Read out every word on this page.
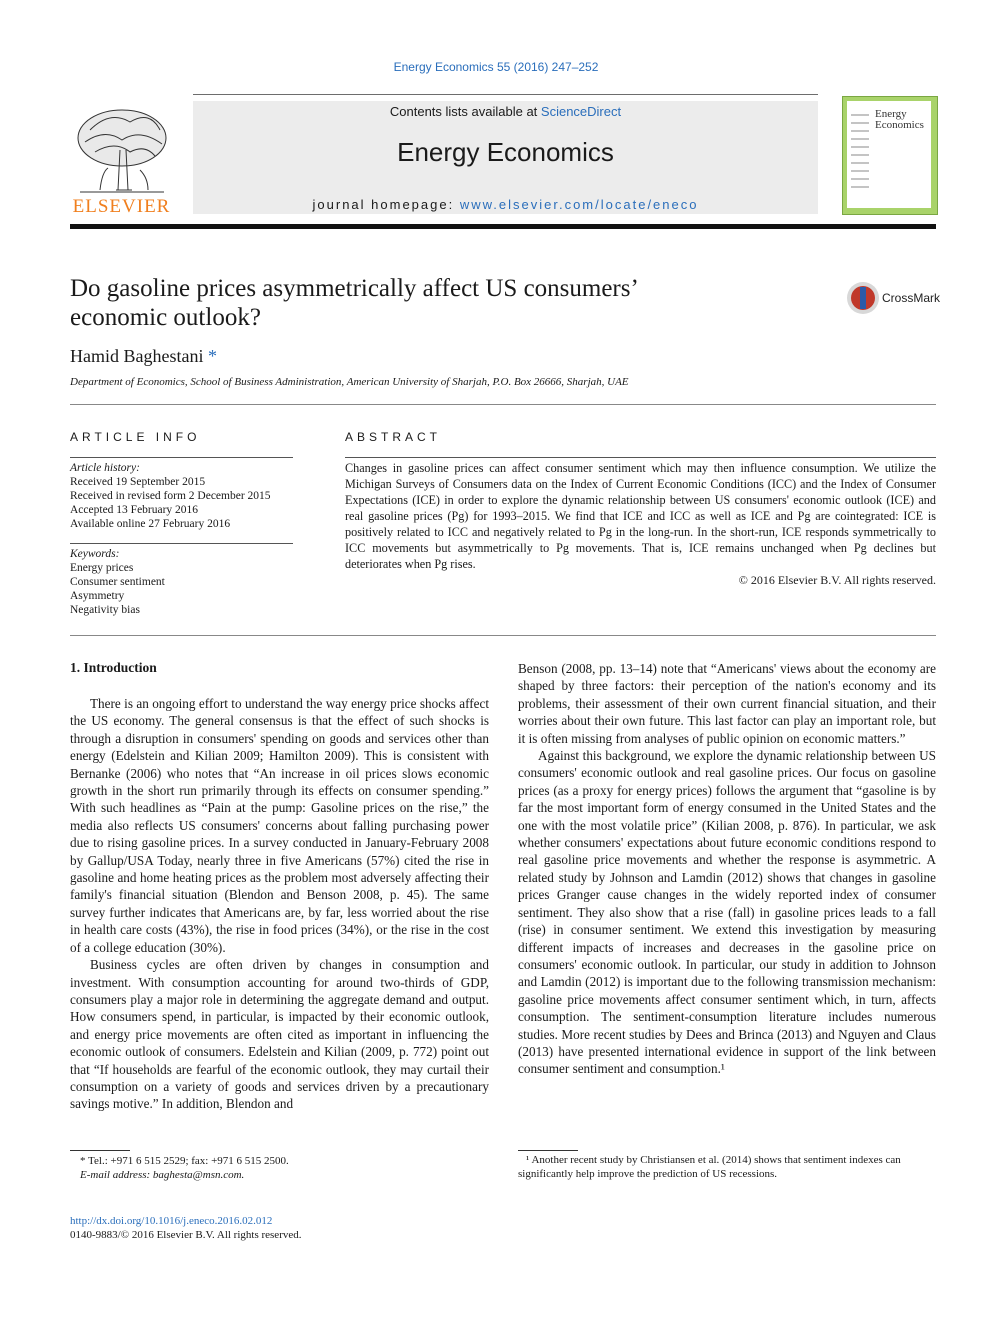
Energy Economics 55 (2016) 247–252
Contents lists available at ScienceDirect
Energy Economics
journal homepage: www.elsevier.com/locate/eneco
ELSEVIER
Energy Economics
Do gasoline prices asymmetrically affect US consumers’
economic outlook?
CrossMark
Hamid Baghestani *
Department of Economics, School of Business Administration, American University of Sharjah, P.O. Box 26666, Sharjah, UAE
ARTICLE INFO
Article history:
Received 19 September 2015
Received in revised form 2 December 2015
Accepted 13 February 2016
Available online 27 February 2016
Keywords:
Energy prices
Consumer sentiment
Asymmetry
Negativity bias
ABSTRACT
Changes in gasoline prices can affect consumer sentiment which may then influence consumption. We utilize the Michigan Surveys of Consumers data on the Index of Current Economic Conditions (ICC) and the Index of Consumer Expectations (ICE) in order to explore the dynamic relationship between US consumers' economic outlook (ICE) and real gasoline prices (Pg) for 1993–2015. We find that ICE and ICC as well as ICE and Pg are cointegrated: ICE is positively related to ICC and negatively related to Pg in the long-run. In the short-run, ICE responds symmetrically to ICC movements but asymmetrically to Pg movements. That is, ICE remains unchanged when Pg declines but deteriorates when Pg rises.
© 2016 Elsevier B.V. All rights reserved.
1. Introduction

There is an ongoing effort to understand the way energy price shocks affect the US economy. The general consensus is that the effect of such shocks is through a disruption in consumers' spending on goods and services other than energy (Edelstein and Kilian 2009; Hamilton 2009). This is consistent with Bernanke (2006) who notes that “An increase in oil prices slows economic growth in the short run primarily through its effects on consumer spending.” With such headlines as “Pain at the pump: Gasoline prices on the rise,” the media also reflects US consumers' concerns about falling purchasing power due to rising gasoline prices. In a survey conducted in January-February 2008 by Gallup/USA Today, nearly three in five Americans (57%) cited the rise in gasoline and home heating prices as the problem most adversely affecting their family's financial situation (Blendon and Benson 2008, p. 45). The same survey further indicates that Americans are, by far, less worried about the rise in health care costs (43%), the rise in food prices (34%), or the rise in the cost of a college education (30%).

Business cycles are often driven by changes in consumption and investment. With consumption accounting for around two-thirds of GDP, consumers play a major role in determining the aggregate demand and output. How consumers spend, in particular, is impacted by their economic outlook, and energy price movements are often cited as important in influencing the economic outlook of consumers. Edelstein and Kilian (2009, p. 772) point out that “If households are fearful of the economic outlook, they may curtail their consumption on a variety of goods and services driven by a precautionary savings motive.” In addition, Blendon and

Benson (2008, pp. 13–14) note that “Americans' views about the economy are shaped by three factors: their perception of the nation's economy and its problems, their assessment of their own current financial situation, and their worries about their own future. This last factor can play an important role, but it is often missing from analyses of public opinion on economic matters.”

Against this background, we explore the dynamic relationship between US consumers' economic outlook and real gasoline prices. Our focus on gasoline prices (as a proxy for energy prices) follows the argument that “gasoline is by far the most important form of energy consumed in the United States and the one with the most volatile price” (Kilian 2008, p. 876). In particular, we ask whether consumers' expectations about future economic conditions respond to real gasoline price movements and whether the response is asymmetric. A related study by Johnson and Lamdin (2012) shows that changes in gasoline prices Granger cause changes in the widely reported index of consumer sentiment. They also show that a rise (fall) in gasoline prices leads to a fall (rise) in consumer sentiment. We extend this investigation by measuring different impacts of increases and decreases in the gasoline price on consumers' economic outlook. In particular, our study in addition to Johnson and Lamdin (2012) is important due to the following transmission mechanism: gasoline price movements affect consumer sentiment which, in turn, affects consumption. The sentiment-consumption literature includes numerous studies. More recent studies by Dees and Brinca (2013) and Nguyen and Claus (2013) have presented international evidence in support of the link between consumer sentiment and consumption.¹

* Tel.: +971 6 515 2529; fax: +971 6 515 2500.
E-mail address: baghesta@msn.com.
¹ Another recent study by Christiansen et al. (2014) shows that sentiment indexes can significantly help improve the prediction of US recessions.
http://dx.doi.org/10.1016/j.eneco.2016.02.012
0140-9883/© 2016 Elsevier B.V. All rights reserved.
